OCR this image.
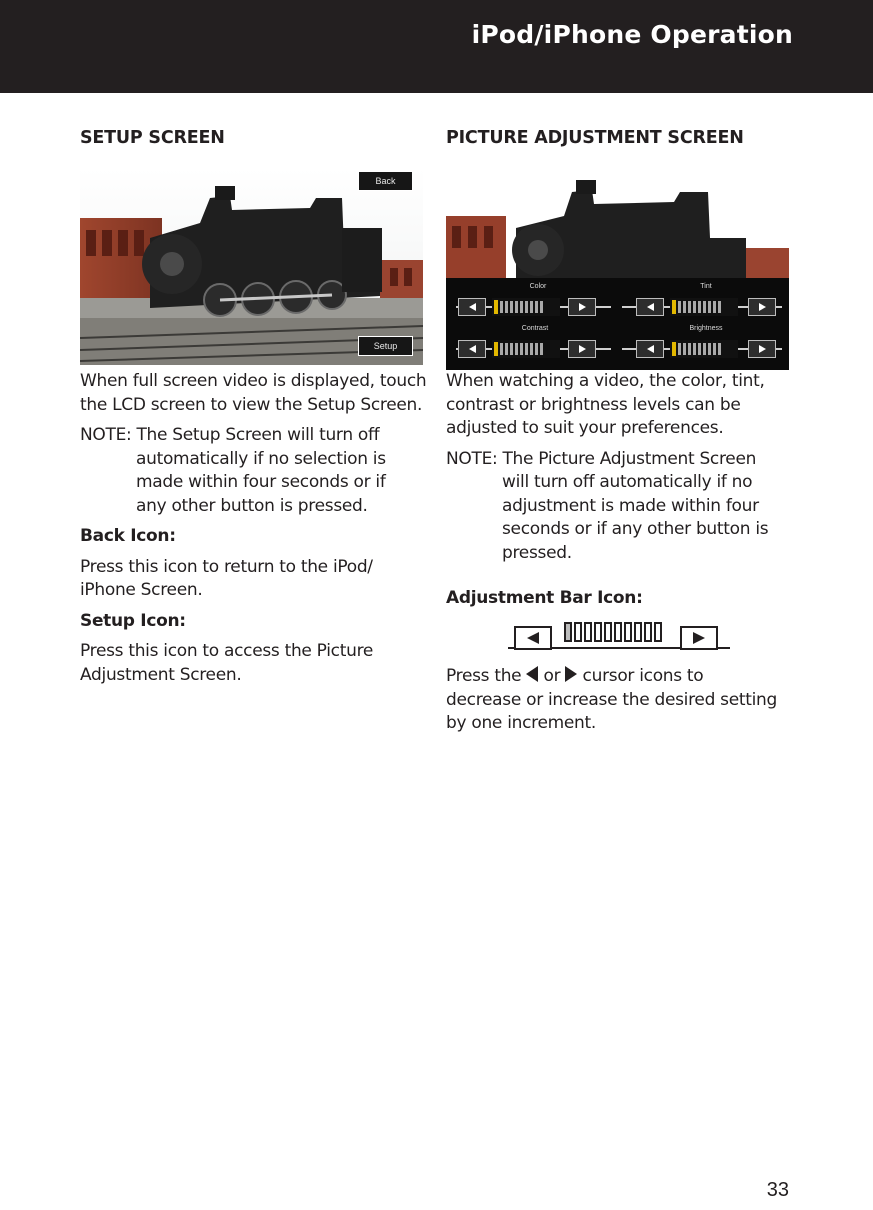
iPod/iPhone Operation
SETUP SCREEN
Back
Setup

When full screen video is displayed, touch the LCD screen to view the Setup Screen.

NOTE: The Setup Screen will turn off

automatically if no selection is

made within four seconds or if

any other button is pressed.

Back Icon:

Press this icon to return to the iPod/

iPhone Screen.

Setup Icon:

Press this icon to access the Picture

Adjustment Screen.

PICTURE ADJUSTMENT SCREEN
Color	Tint
Contrast	Brightness

When watching a video, the color, tint,

contrast or brightness levels can be

adjusted to suit your preferences.

NOTE: The Picture Adjustment Screen

will turn off automatically if no

adjustment is made within four

seconds or if any other button is

pressed.

Adjustment Bar Icon:

Press the  or  cursor icons to

decrease or increase the desired setting

by one increment.

33
